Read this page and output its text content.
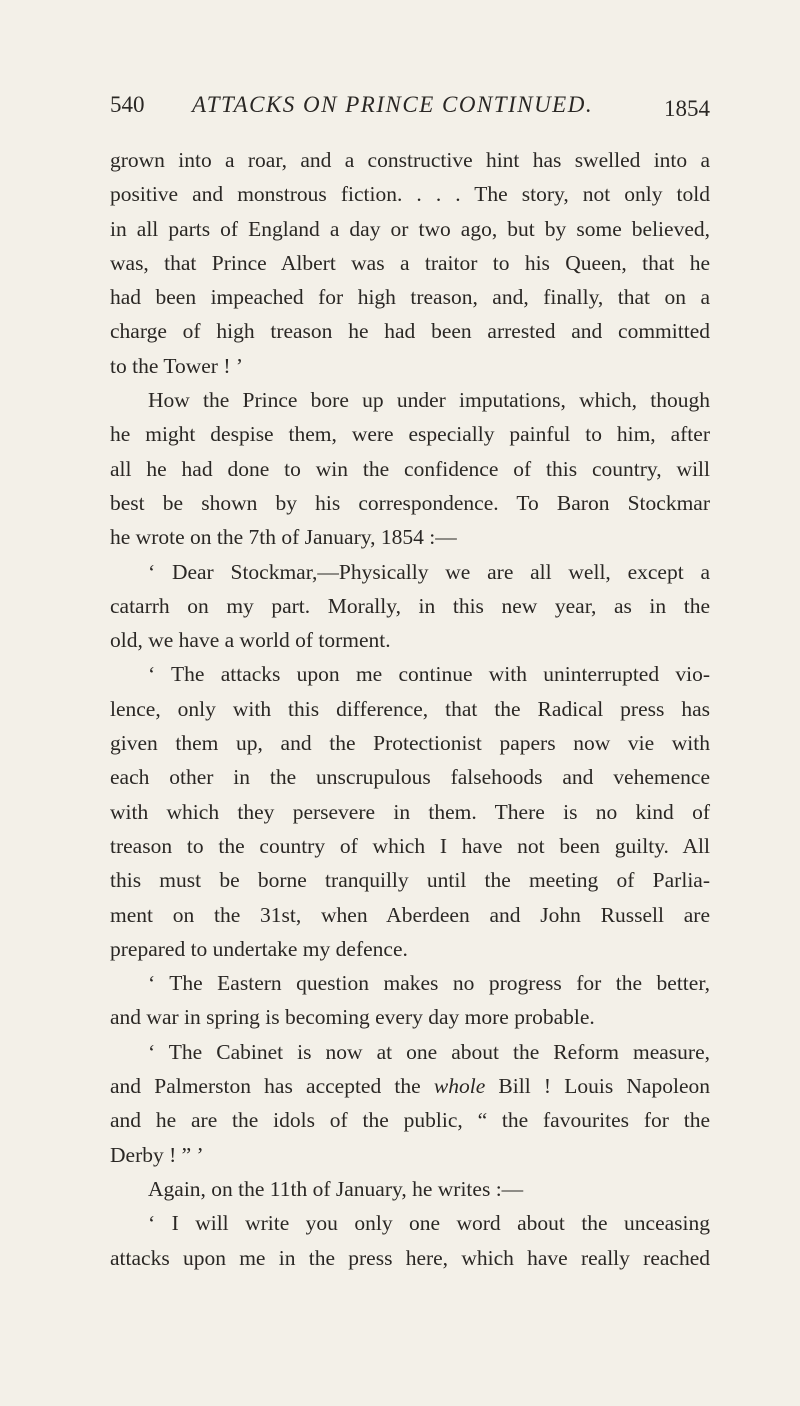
540 ATTACKS ON PRINCE CONTINUED.	1854
grown into a roar, and a constructive hint has swelled into a
positive and monstrous fiction. . . . The story, not only told
in all parts of England a day or two ago, but by some believed,
was, that Prince Albert was a traitor to his Queen, that he
had been impeached for high treason, and, finally, that on a
charge of high treason he had been arrested and committed
to the Tower ! ’
How the Prince bore up under imputations, which, though
he might despise them, were especially painful to him, after
all he had done to win the confidence of this country, will
best be shown by his correspondence. To Baron Stockmar
he wrote on the 7th of January, 1854 :—
‘ Dear Stockmar,—Physically we are all well, except a
catarrh on my part. Morally, in this new year, as in the
old, we have a world of torment.
‘ The attacks upon me continue with uninterrupted vio-
lence, only with this difference, that the Radical press has
given them up, and the Protectionist papers now vie with
each other in the unscrupulous falsehoods and vehemence
with which they persevere in them. There is no kind of
treason to the country of which I have not been guilty. All
this must be borne tranquilly until the meeting of Parlia-
ment on the 31st, when Aberdeen and John Russell are
prepared to undertake my defence.
‘ The Eastern question makes no progress for the better,
and war in spring is becoming every day more probable.
‘ The Cabinet is now at one about the Reform measure,
and Palmerston has accepted the whole Bill ! Louis Napoleon
and he are the idols of the public, “ the favourites for the
Derby ! ” ’
Again, on the 11th of January, he writes :—
‘ I will write you only one word about the unceasing
attacks upon me in the press here, which have really reached
